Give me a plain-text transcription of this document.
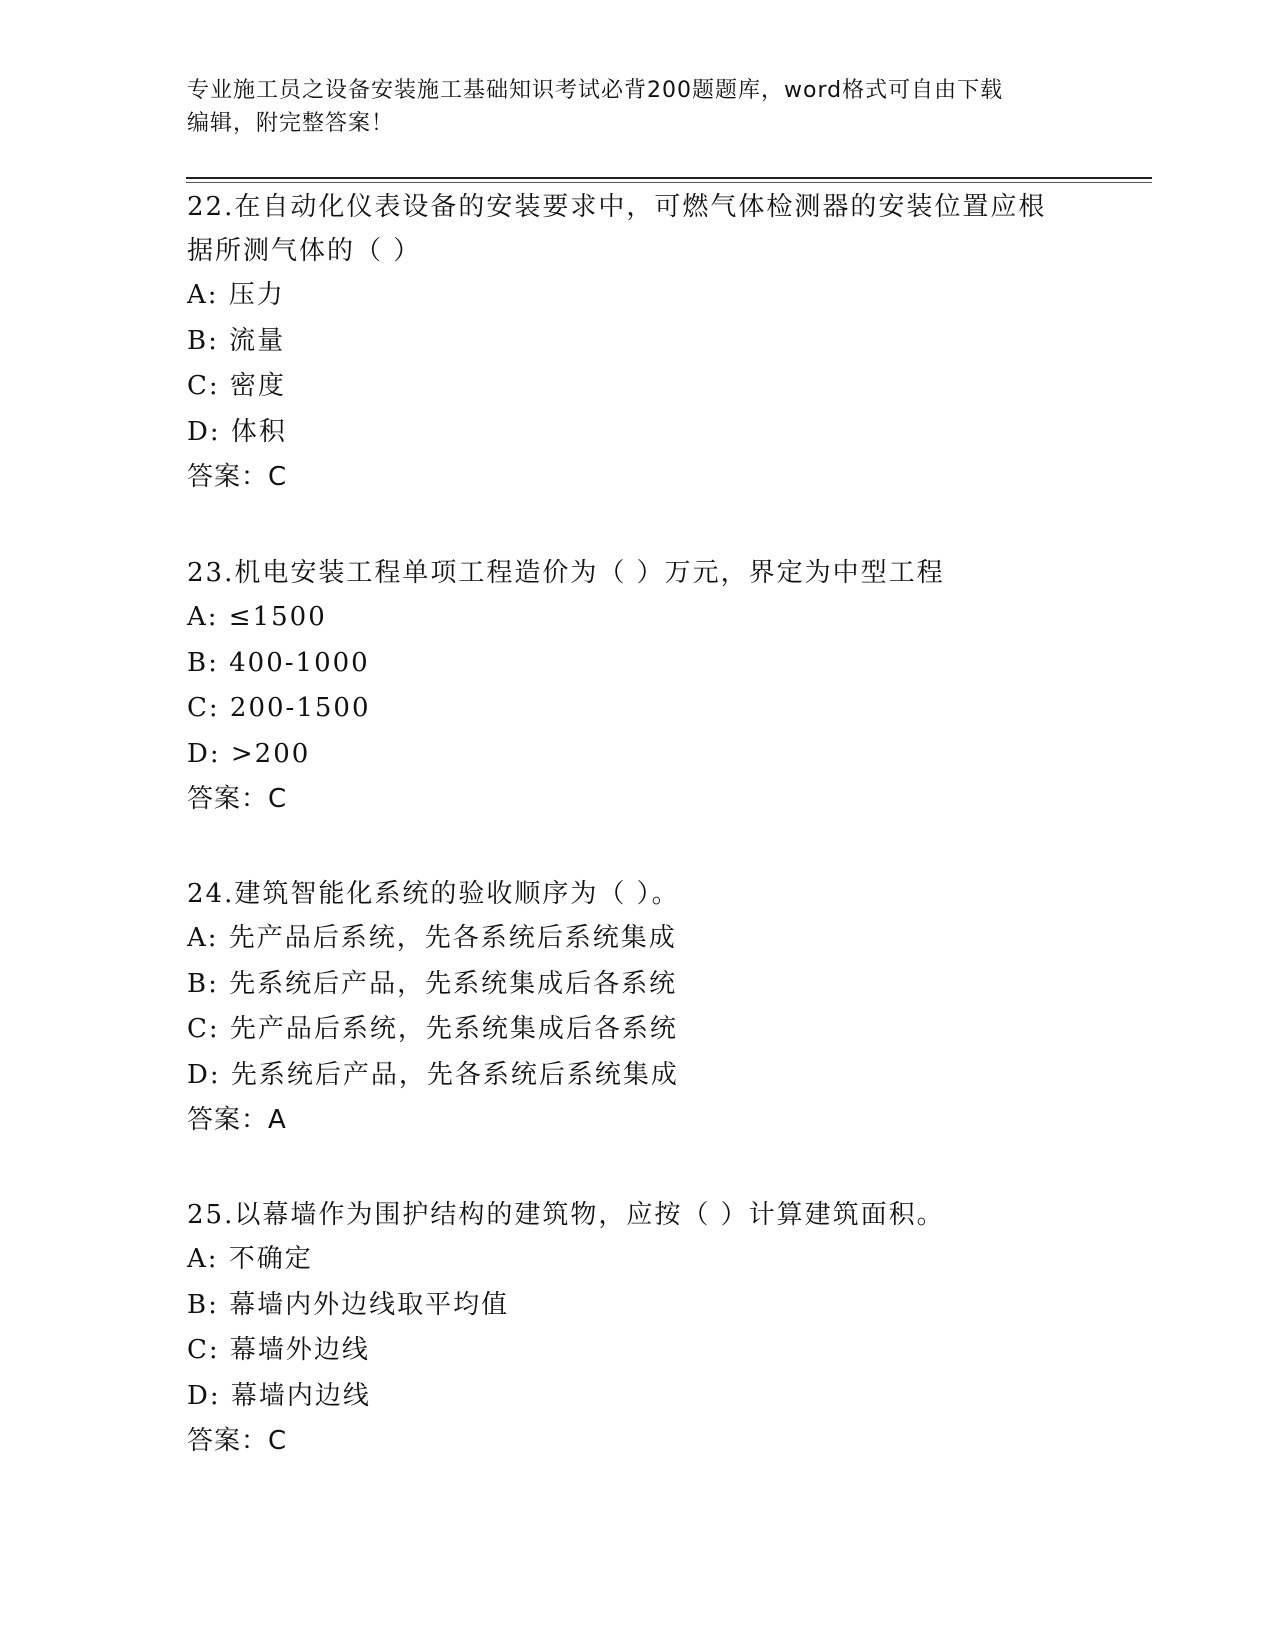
专业施工员之设备安装施工基础知识考试必背200题题库，word格式可自由下载
编辑，附完整答案！
22.在自动化仪表设备的安装要求中，可燃气体检测器的安装位置应根
据所测气体的（ ）
A: 压力
B: 流量
C: 密度
D: 体积
答案：C
23.机电安装工程单项工程造价为（ ）万元，界定为中型工程
A: ≤1500
B: 400-1000
C: 200-1500
D: >200
答案：C
24.建筑智能化系统的验收顺序为（ ）。
A: 先产品后系统，先各系统后系统集成
B: 先系统后产品，先系统集成后各系统
C: 先产品后系统，先系统集成后各系统
D: 先系统后产品，先各系统后系统集成
答案：A
25.以幕墙作为围护结构的建筑物，应按（ ）计算建筑面积。
A: 不确定
B: 幕墙内外边线取平均值
C: 幕墙外边线
D: 幕墙内边线
答案：C
